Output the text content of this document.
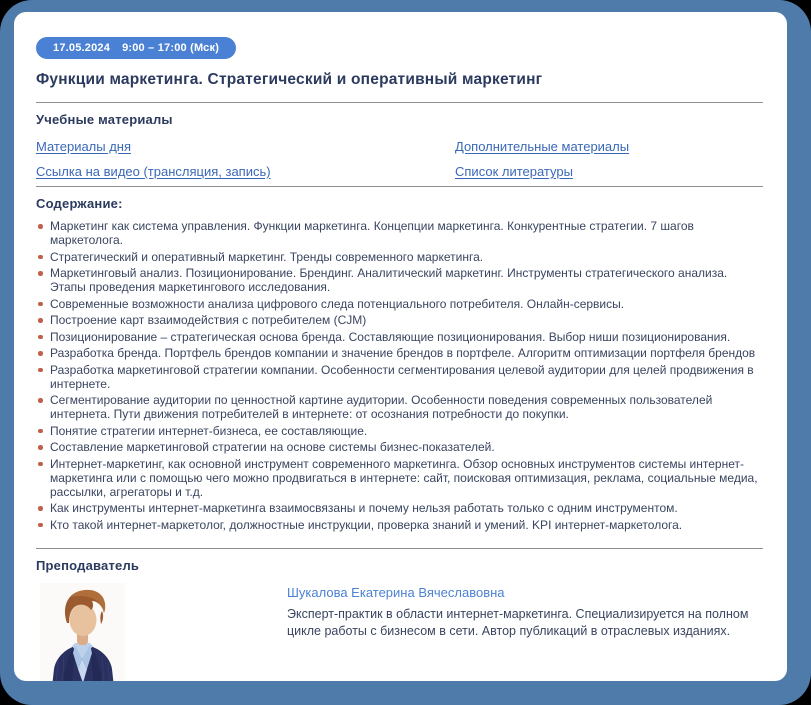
17.05.2024 9:00 – 17:00 (Мск)
Функции маркетинга. Стратегический и оперативный маркетинг
Учебные материалы
Материалы дня
Ссылка на видео (трансляция, запись)
Дополнительные материалы
Список литературы
Содержание:
Маркетинг как система управления. Функции маркетинга. Концепции маркетинга. Конкурентные стратегии. 7 шагов маркетолога.
Стратегический и оперативный маркетинг. Тренды современного маркетинга.
Маркетинговый анализ. Позиционирование. Брендинг. Аналитический маркетинг. Инструменты стратегического анализа. Этапы проведения маркетингового исследования.
Современные возможности анализа цифрового следа потенциального потребителя. Онлайн-сервисы.
Построение карт взаимодействия с потребителем (CJM)
Позиционирование – стратегическая основа бренда. Составляющие позиционирования. Выбор ниши позиционирования.
Разработка бренда. Портфель брендов компании и значение брендов в портфеле. Алгоритм оптимизации портфеля брендов
Разработка маркетинговой стратегии компании. Особенности сегментирования целевой аудитории для целей продвижения в интернете.
Сегментирование аудитории по ценностной картине аудитории. Особенности поведения современных пользователей интернета. Пути движения потребителей в интернете: от осознания потребности до покупки.
Понятие стратегии интернет-бизнеса, ее составляющие.
Составление маркетинговой стратегии на основе системы бизнес-показателей.
Интернет-маркетинг, как основной инструмент современного маркетинга. Обзор основных инструментов системы интернет-маркетинга или с помощью чего можно продвигаться в интернете: сайт, поисковая оптимизация, реклама, социальные медиа, рассылки, агрегаторы и т.д.
Как инструменты интернет-маркетинга взаимосвязаны и почему нельзя работать только с одним инструментом.
Кто такой интернет-маркетолог, должностные инструкции, проверка знаний и умений. KPI интернет-маркетолога.
Преподаватель
Шукалова Екатерина Вячеславовна

Эксперт-практик в области интернет-маркетинга. Специализируется на полном цикле работы с бизнесом в сети. Автор публикаций в отраслевых изданиях.
